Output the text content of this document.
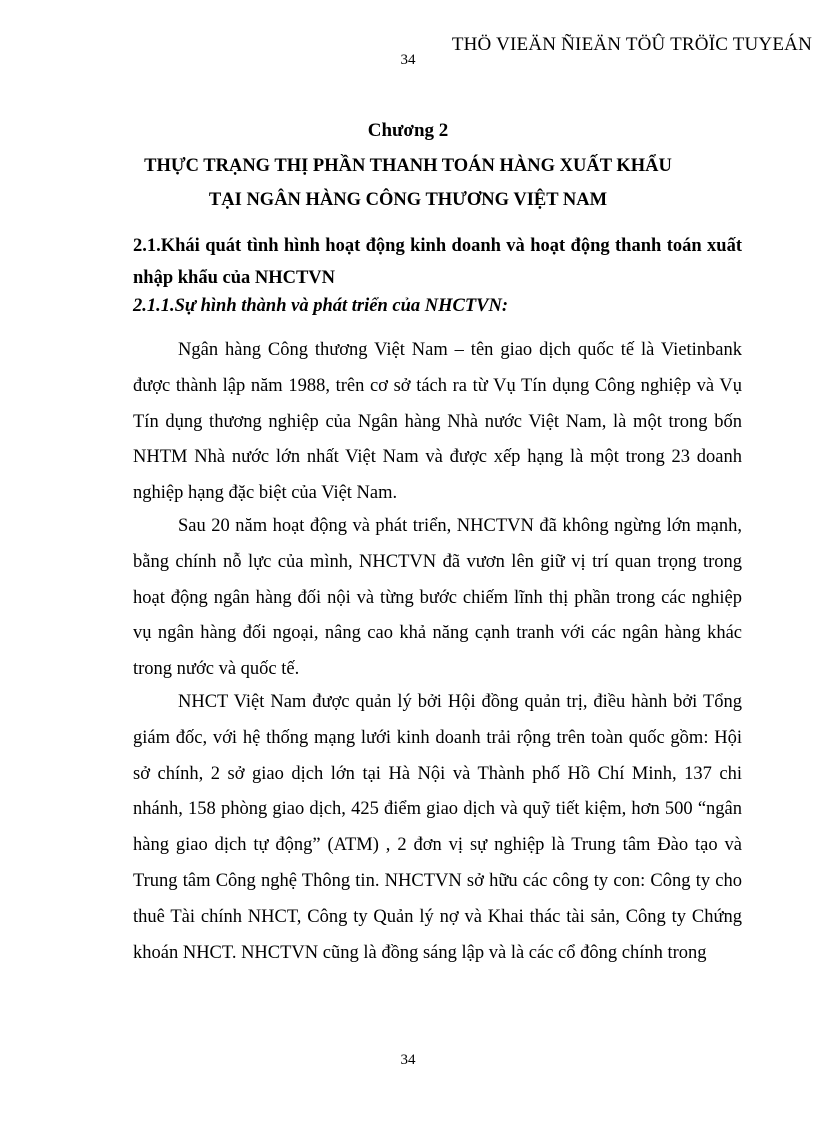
THÖ VIEÄN ÑIEÄN TÖÛ TRÖÏC TUYEÁN
34
Chương 2
THỰC TRẠNG THỊ PHẦN THANH TOÁN HÀNG XUẤT KHẨU
TẠI NGÂN HÀNG CÔNG THƯƠNG VIỆT NAM
2.1.Khái quát tình hình hoạt động kinh doanh và hoạt động thanh toán xuất nhập khẩu của NHCTVN
2.1.1.Sự hình thành và phát triển của NHCTVN:

Ngân hàng Công thương Việt Nam – tên giao dịch quốc tế là Vietinbank được thành lập năm 1988, trên cơ sở tách ra từ Vụ Tín dụng Công nghiệp và Vụ Tín dụng thương nghiệp của Ngân hàng Nhà nước Việt Nam, là một trong bốn NHTM Nhà nước lớn nhất Việt Nam và được xếp hạng là một trong 23 doanh nghiệp hạng đặc biệt của Việt Nam.

Sau 20 năm hoạt động và phát triển, NHCTVN đã không ngừng lớn mạnh, bằng chính nỗ lực của mình, NHCTVN đã vươn lên giữ vị trí quan trọng trong hoạt động ngân hàng đối nội và từng bước chiếm lĩnh thị phần trong các nghiệp vụ ngân hàng đối ngoại, nâng cao khả năng cạnh tranh với các ngân hàng khác trong nước và quốc tế.

NHCT Việt Nam được quản lý bởi Hội đồng quản trị, điều hành bởi Tổng giám đốc, với hệ thống mạng lưới kinh doanh trải rộng trên toàn quốc gồm: Hội sở chính, 2 sở giao dịch lớn tại Hà Nội và Thành phố Hồ Chí Minh, 137 chi nhánh, 158 phòng giao dịch, 425 điểm giao dịch và quỹ tiết kiệm, hơn 500 “ngân hàng giao dịch tự động” (ATM) , 2 đơn vị sự nghiệp là Trung tâm Đào tạo và Trung tâm Công nghệ Thông tin. NHCTVN sở hữu các công ty con: Công ty cho thuê Tài chính NHCT, Công ty Quản lý nợ và Khai thác tài sản, Công ty Chứng khoán NHCT. NHCTVN cũng là đồng sáng lập và là các cổ đông chính trong

34
